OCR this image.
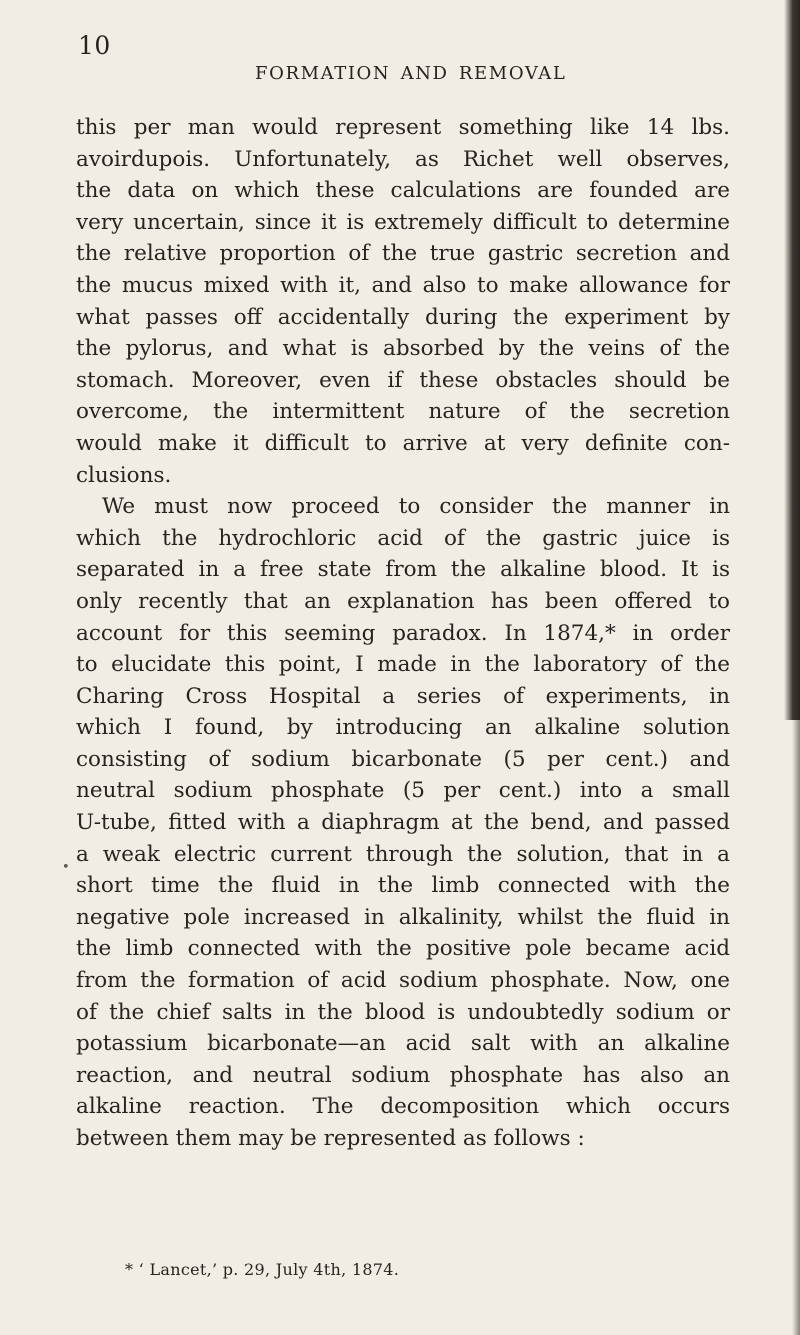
10
FORMATION AND REMOVAL
this per man would represent something like 14 lbs.
avoirdupois. Unfortunately, as Richet well observes,
the data on which these calculations are founded are
very uncertain, since it is extremely difficult to determine
the relative proportion of the true gastric secretion and
the mucus mixed with it, and also to make allowance for
what passes off accidentally during the experiment by
the pylorus, and what is absorbed by the veins of the
stomach. Moreover, even if these obstacles should be
overcome, the intermittent nature of the secretion
would make it difficult to arrive at very definite con-
clusions.
We must now proceed to consider the manner in
which the hydrochloric acid of the gastric juice is
separated in a free state from the alkaline blood. It is
only recently that an explanation has been offered to
account for this seeming paradox. In 1874,* in order
to elucidate this point, I made in the laboratory of the
Charing Cross Hospital a series of experiments, in
which I found, by introducing an alkaline solution
consisting of sodium bicarbonate (5 per cent.) and
neutral sodium phosphate (5 per cent.) into a small
U-tube, fitted with a diaphragm at the bend, and passed
a weak electric current through the solution, that in a
short time the fluid in the limb connected with the
negative pole increased in alkalinity, whilst the fluid in
the limb connected with the positive pole became acid
from the formation of acid sodium phosphate. Now, one
of the chief salts in the blood is undoubtedly sodium or
potassium bicarbonate—an acid salt with an alkaline
reaction, and neutral sodium phosphate has also an
alkaline reaction. The decomposition which occurs
between them may be represented as follows :
•
* ‘ Lancet,’ p. 29, July 4th, 1874.
